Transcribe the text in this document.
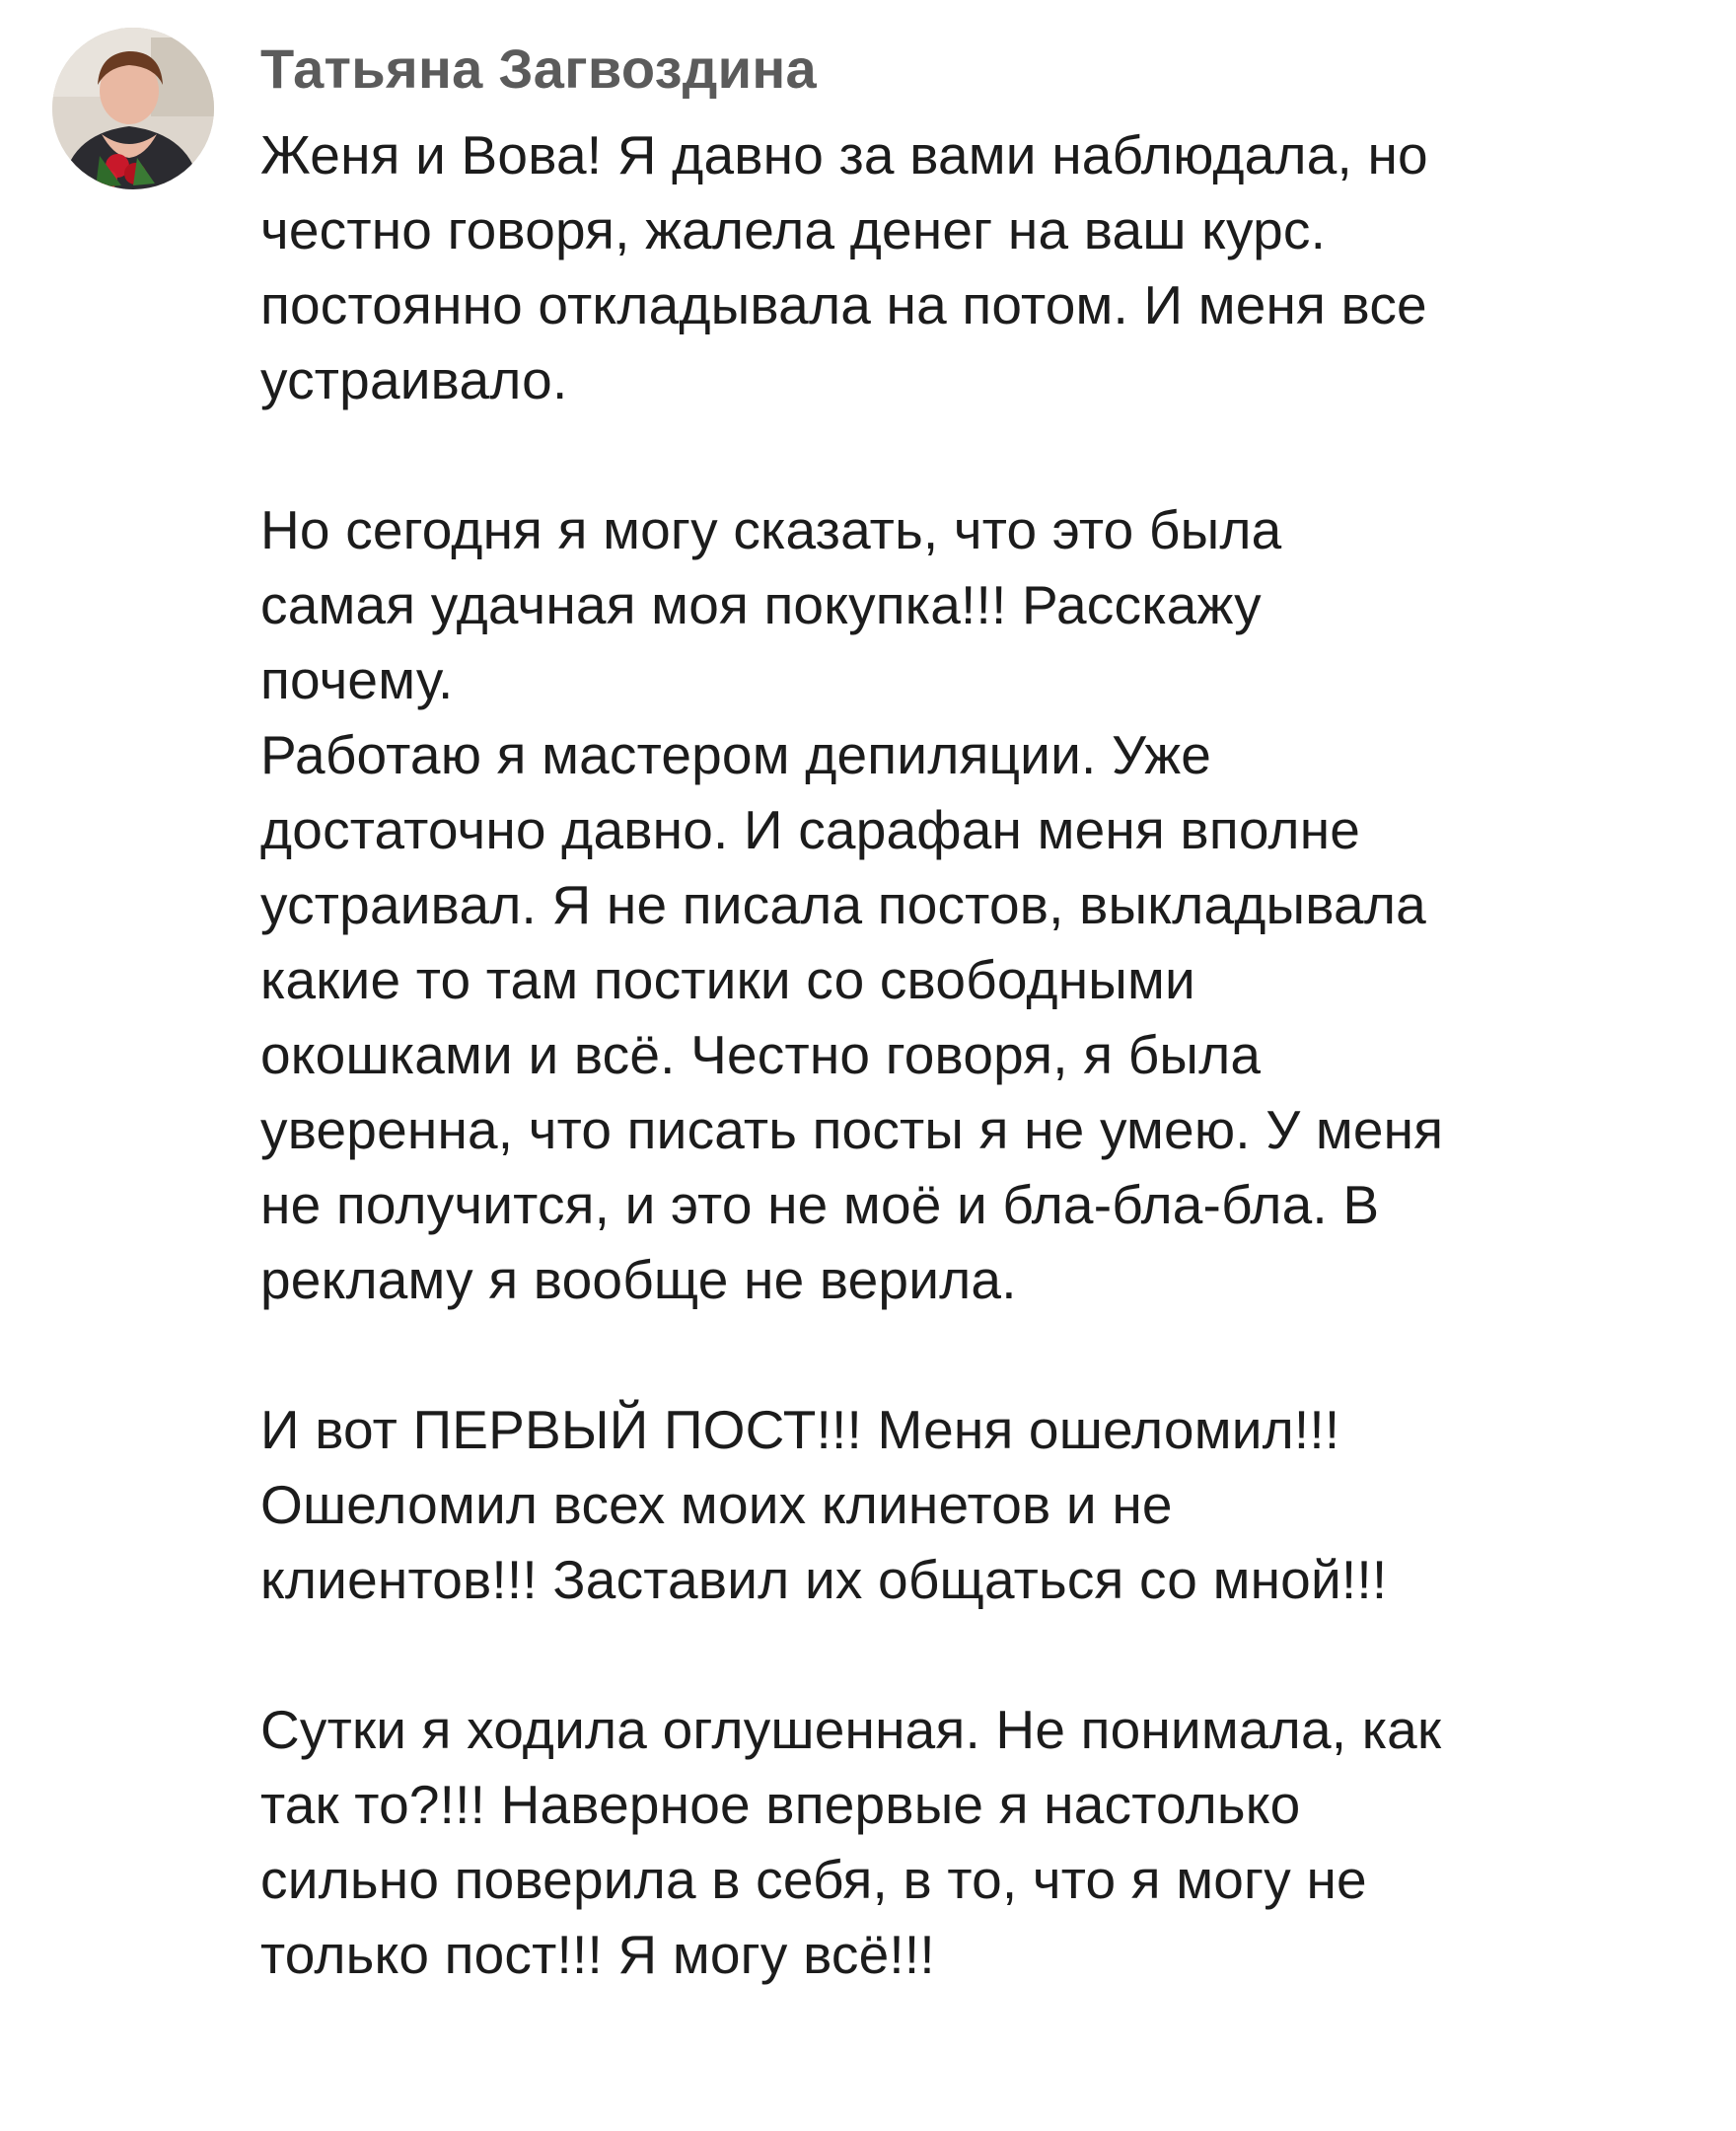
Татьяна Загвоздина

Женя и Вова! Я давно за вами наблюдала, но
честно говоря, жалела денег на ваш курс.
постоянно откладывала на потом. И меня все
устраивало.

Но сегодня я могу сказать, что это была
самая удачная моя покупка!!! Расскажу
почему.

Работаю я мастером депиляции. Уже
достаточно давно. И сарафан меня вполне
устраивал. Я не писала постов, выкладывала
какие то там постики со свободными
окошками и всё. Честно говоря, я была
уверенна, что писать посты я не умею. У меня
не получится, и это не моё и бла-бла-бла. В
рекламу я вообще не верила.

И вот ПЕРВЫЙ ПОСТ!!! Меня ошеломил!!!
Ошеломил всех моих клинетов и не
клиентов!!! Заставил их общаться со мной!!!

Сутки я ходила оглушенная. Не понимала, как
так то?!!! Наверное впервые я настолько
сильно поверила в себя, в то, что я могу не
только пост!!! Я могу всё!!!
